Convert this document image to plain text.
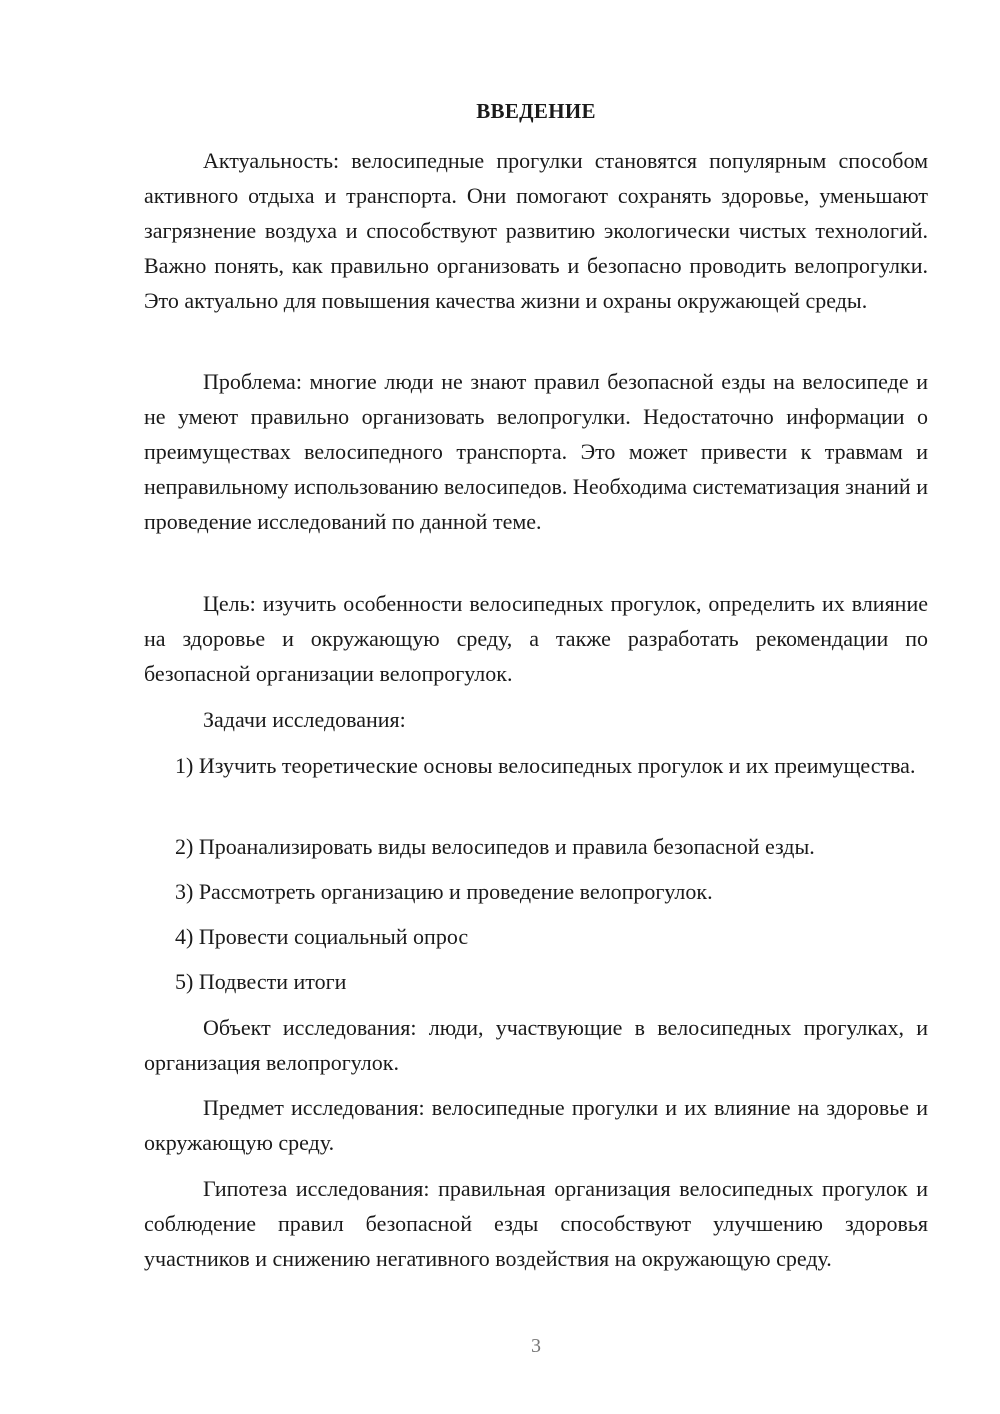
ВВЕДЕНИЕ

Актуальность: велосипедные прогулки становятся популярным способом активного отдыха и транспорта. Они помогают сохранять здоровье, уменьшают загрязнение воздуха и способствуют развитию экологически чистых технологий. Важно понять, как правильно организовать и безопасно проводить велопрогулки. Это актуально для повышения качества жизни и охраны окружающей среды.

Проблема: многие люди не знают правил безопасной езды на велосипеде и не умеют правильно организовать велопрогулки. Недостаточно информации о преимуществах велосипедного транспорта. Это может привести к травмам и неправильному использованию велосипедов. Необходима систематизация знаний и проведение исследований по данной теме.

Цель: изучить особенности велосипедных прогулок, определить их влияние на здоровье и окружающую среду, а также разработать рекомендации по безопасной организации велопрогулок.

Задачи исследования:

1) Изучить теоретические основы велосипедных прогулок и их преимущества.

2) Проанализировать виды велосипедов и правила безопасной езды.

3) Рассмотреть организацию и проведение велопрогулок.

4) Провести социальный опрос

5) Подвести итоги

Объект исследования: люди, участвующие в велосипедных прогулках, и организация велопрогулок.

Предмет исследования: велосипедные прогулки и их влияние на здоровье и окружающую среду.

Гипотеза исследования: правильная организация велосипедных прогулок и соблюдение правил безопасной езды способствуют улучшению здоровья участников и снижению негативного воздействия на окружающую среду.

3
